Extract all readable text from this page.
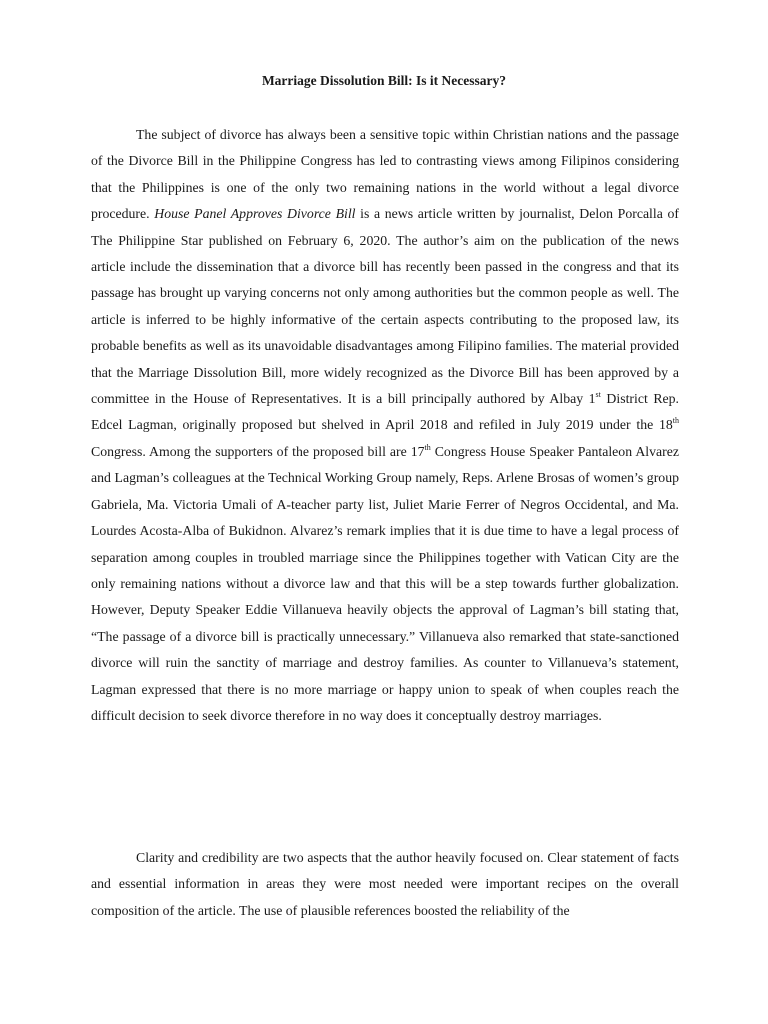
Marriage Dissolution Bill: Is it Necessary?

The subject of divorce has always been a sensitive topic within Christian nations and the passage of the Divorce Bill in the Philippine Congress has led to contrasting views among Filipinos considering that the Philippines is one of the only two remaining nations in the world without a legal divorce procedure. House Panel Approves Divorce Bill is a news article written by journalist, Delon Porcalla of The Philippine Star published on February 6, 2020. The author’s aim on the publication of the news article include the dissemination that a divorce bill has recently been passed in the congress and that its passage has brought up varying concerns not only among authorities but the common people as well. The article is inferred to be highly informative of the certain aspects contributing to the proposed law, its probable benefits as well as its unavoidable disadvantages among Filipino families. The material provided that the Marriage Dissolution Bill, more widely recognized as the Divorce Bill has been approved by a committee in the House of Representatives. It is a bill principally authored by Albay 1st District Rep. Edcel Lagman, originally proposed but shelved in April 2018 and refiled in July 2019 under the 18th Congress. Among the supporters of the proposed bill are 17th Congress House Speaker Pantaleon Alvarez and Lagman’s colleagues at the Technical Working Group namely, Reps. Arlene Brosas of women’s group Gabriela, Ma. Victoria Umali of A-teacher party list, Juliet Marie Ferrer of Negros Occidental, and Ma. Lourdes Acosta-Alba of Bukidnon. Alvarez’s remark implies that it is due time to have a legal process of separation among couples in troubled marriage since the Philippines together with Vatican City are the only remaining nations without a divorce law and that this will be a step towards further globalization. However, Deputy Speaker Eddie Villanueva heavily objects the approval of Lagman’s bill stating that, “The passage of a divorce bill is practically unnecessary.” Villanueva also remarked that state-sanctioned divorce will ruin the sanctity of marriage and destroy families. As counter to Villanueva’s statement, Lagman expressed that there is no more marriage or happy union to speak of when couples reach the difficult decision to seek divorce therefore in no way does it conceptually destroy marriages.

Clarity and credibility are two aspects that the author heavily focused on. Clear statement of facts and essential information in areas they were most needed were important recipes on the overall composition of the article. The use of plausible references boosted the reliability of the
